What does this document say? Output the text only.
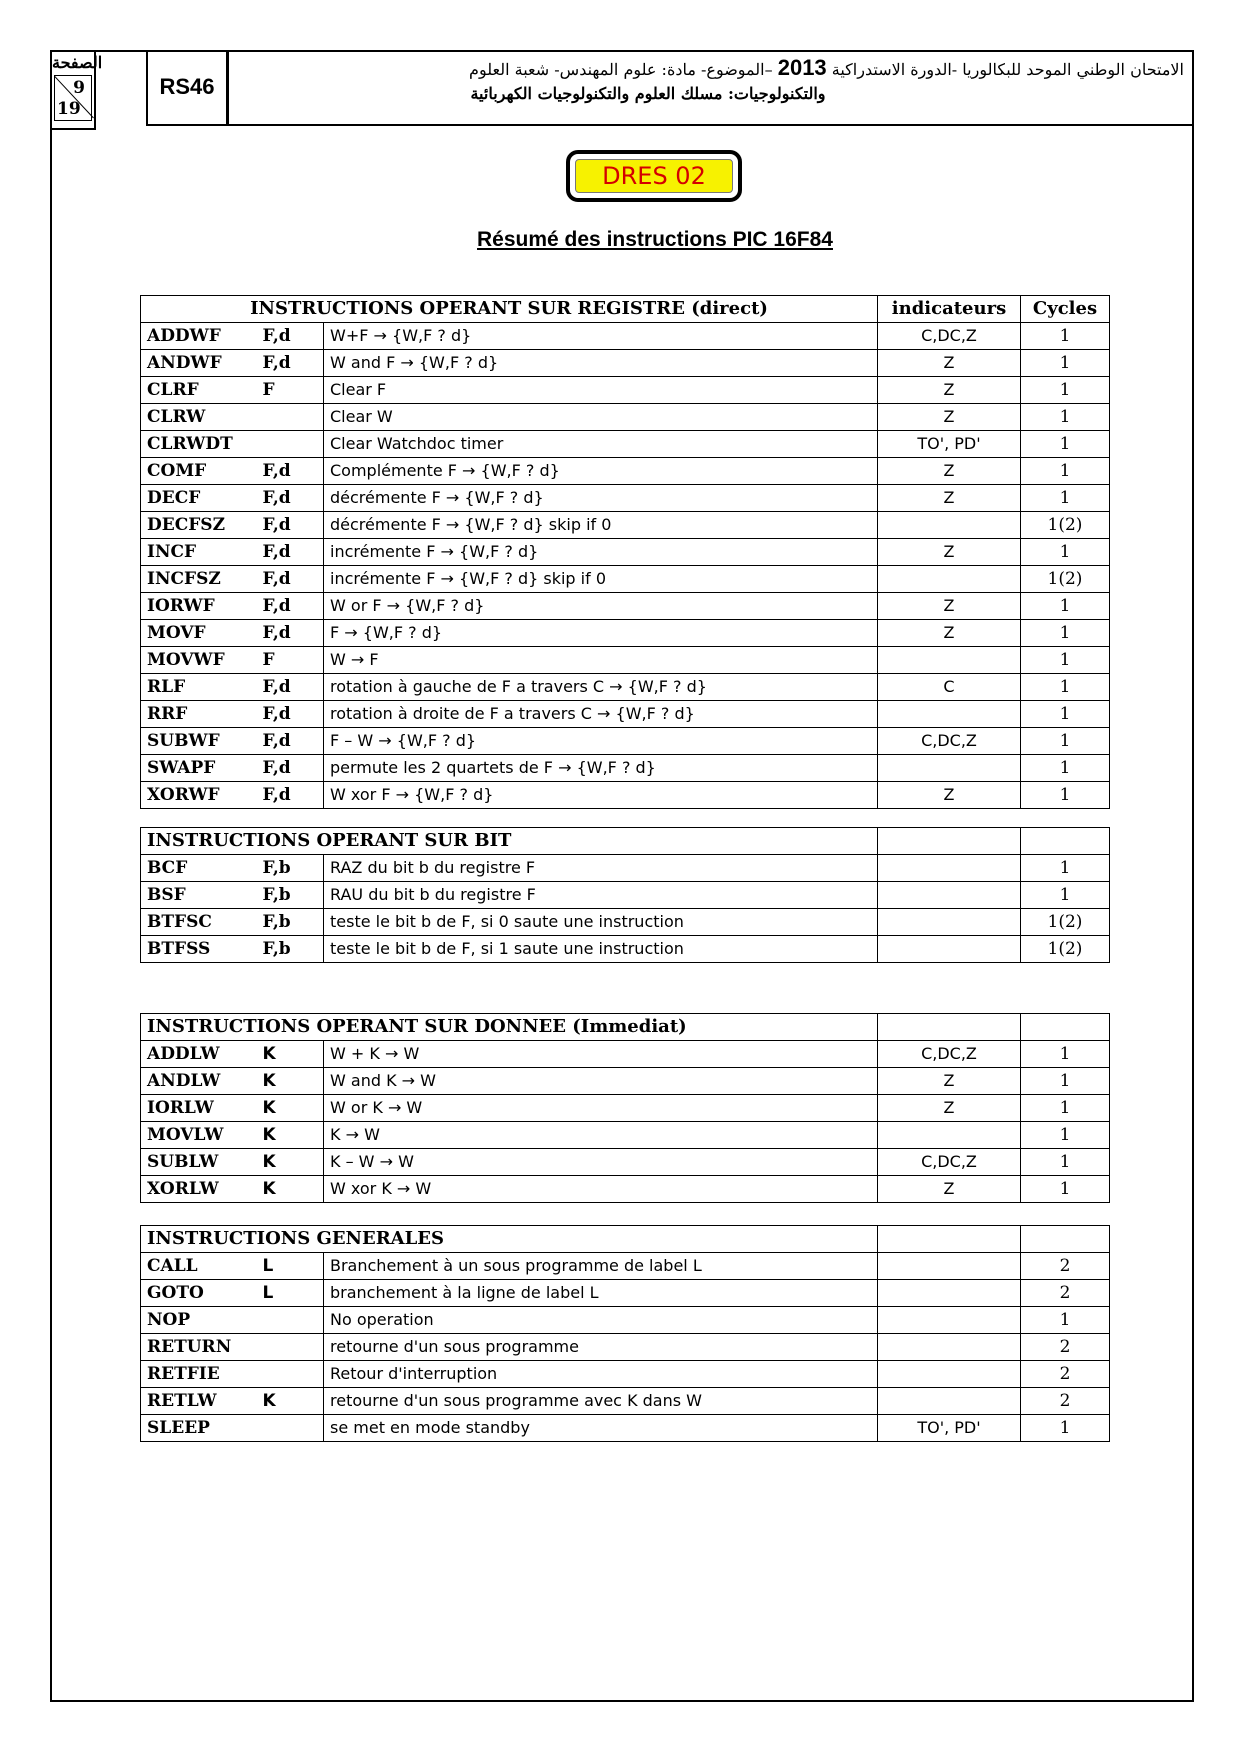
الصفحة
9
19
RS46
الامتحان الوطني الموحد للبكالوريا -الدورة الاستدراكية 2013 –الموضوع- مادة: علوم المهندس- شعبة العلوم
والتكنولوجيات: مسلك العلوم والتكنولوجيات الكهربائية
DRES 02
Résumé des instructions PIC 16F84
INSTRUCTIONS OPERANT SUR REGISTRE (direct)			indicateurs	Cycles
ADDWF	F,d	W+F → {W,F ? d}	C,DC,Z	1
ANDWF	F,d	W and F → {W,F ? d}	Z	1
CLRF	F	Clear F	Z	1
CLRW		Clear W	Z	1
CLRWDT		Clear Watchdoc timer	TO', PD'	1
COMF	F,d	Complémente F → {W,F ? d}	Z	1
DECF	F,d	décrémente F → {W,F ? d}	Z	1
DECFSZ	F,d	décrémente F → {W,F ? d} skip if 0		1(2)
INCF	F,d	incrémente F → {W,F ? d}	Z	1
INCFSZ	F,d	incrémente F → {W,F ? d} skip if 0		1(2)
IORWF	F,d	W or F → {W,F ? d}	Z	1
MOVF	F,d	F → {W,F ? d}	Z	1
MOVWF	F	W → F		1
RLF	F,d	rotation à gauche de F a travers C → {W,F ? d}	C	1
RRF	F,d	rotation à droite de F a travers C → {W,F ? d}		1
SUBWF	F,d	F – W → {W,F ? d}	C,DC,Z	1
SWAPF	F,d	permute les 2 quartets de F → {W,F ? d}		1
XORWF	F,d	W xor F → {W,F ? d}	Z	1
INSTRUCTIONS OPERANT SUR BIT				
BCF	F,b	RAZ du bit b du registre F		1
BSF	F,b	RAU du bit b du registre F		1
BTFSC	F,b	teste le bit b de F, si 0 saute une instruction		1(2)
BTFSS	F,b	teste le bit b de F, si 1 saute une instruction		1(2)
INSTRUCTIONS OPERANT SUR DONNEE (Immediat)				
ADDLW	K	W + K → W	C,DC,Z	1
ANDLW	K	W and K → W	Z	1
IORLW	K	W or K → W	Z	1
MOVLW	K	K → W		1
SUBLW	K	K – W → W	C,DC,Z	1
XORLW	K	W xor K → W	Z	1
INSTRUCTIONS GENERALES				
CALL	L	Branchement à un sous programme de label L		2
GOTO	L	branchement à la ligne de label L		2
NOP		No operation		1
RETURN		retourne d'un sous programme		2
RETFIE		Retour d'interruption		2
RETLW	K	retourne d'un sous programme avec K dans W		2
SLEEP		se met en mode standby	TO', PD'	1
